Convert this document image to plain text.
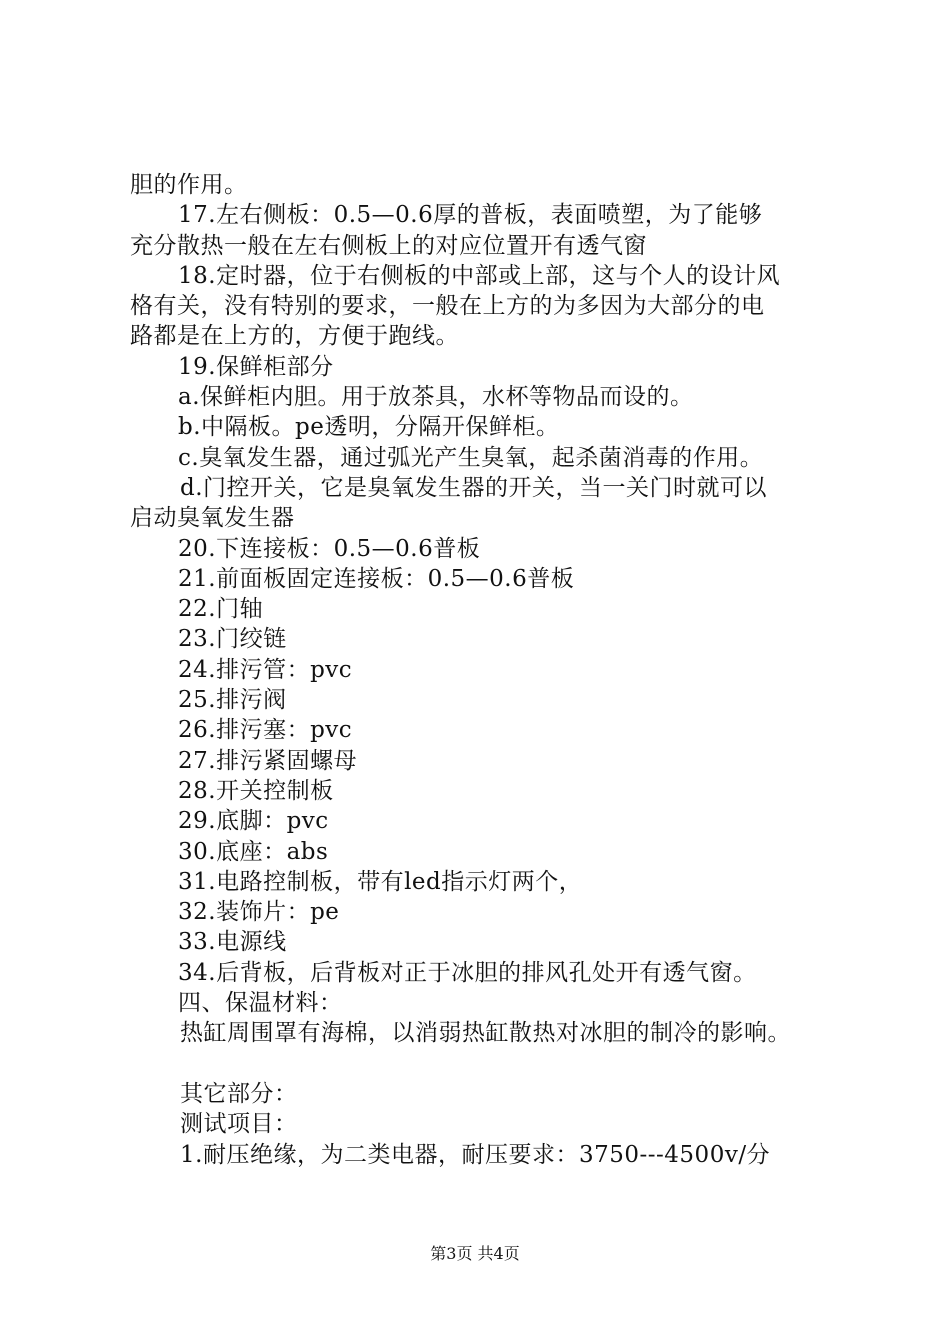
胆的作用。
17.左右侧板：0.5—0.6厚的普板，表面喷塑，为了能够
充分散热一般在左右侧板上的对应位置开有透气窗
18.定时器，位于右侧板的中部或上部，这与个人的设计风
格有关，没有特别的要求，一般在上方的为多因为大部分的电
路都是在上方的，方便于跑线。
19.保鲜柜部分
a.保鲜柜内胆。用于放茶具，水杯等物品而设的。
b.中隔板。pe透明，分隔开保鲜柜。
c.臭氧发生器，通过弧光产生臭氧，起杀菌消毒的作用。
d.门控开关，它是臭氧发生器的开关，当一关门时就可以
启动臭氧发生器
20.下连接板：0.5—0.6普板
21.前面板固定连接板：0.5—0.6普板
22.门轴
23.门绞链
24.排污管：pvc
25.排污阀
26.排污塞：pvc
27.排污紧固螺母
28.开关控制板
29.底脚：pvc
30.底座：abs
31.电路控制板，带有led指示灯两个，
32.装饰片：pe
33.电源线
34.后背板，后背板对正于冰胆的排风孔处开有透气窗。
四、保温材料：
热缸周围罩有海棉，以消弱热缸散热对冰胆的制冷的影响。
其它部分：
测试项目：
1.耐压绝缘，为二类电器，耐压要求：3750---4500v/分
第3页 共4页
